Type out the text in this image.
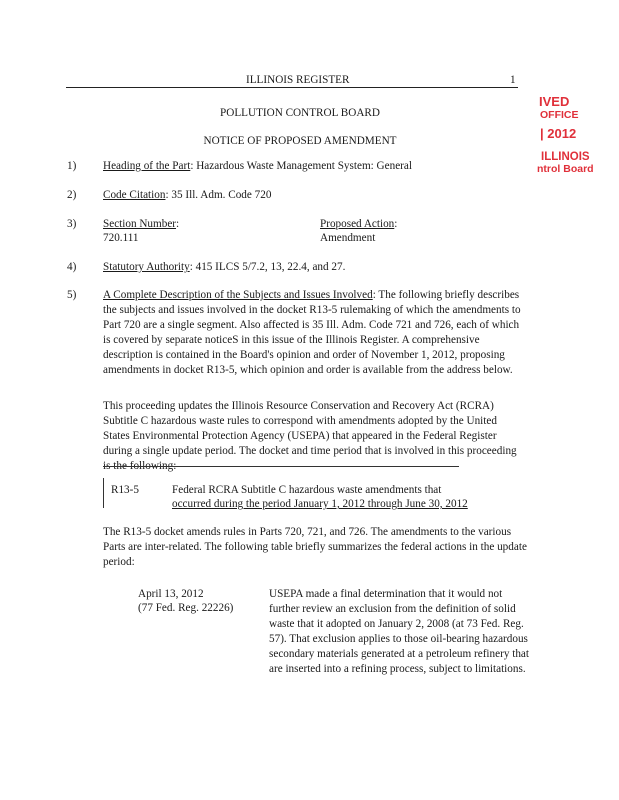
ILLINOIS REGISTER	1
POLLUTION CONTROL BOARD
NOTICE OF PROPOSED AMENDMENT
IVED
OFFICE
| 2012
ILLINOIS
ntrol Board
1) Heading of the Part: Hazardous Waste Management System: General
2) Code Citation: 35 Ill. Adm. Code 720
3) Section Number:
720.111
Proposed Action:
Amendment
4) Statutory Authority: 415 ILCS 5/7.2, 13, 22.4, and 27.
5) A Complete Description of the Subjects and Issues Involved: The following briefly describes the subjects and issues involved in the docket R13-5 rulemaking of which the amendments to Part 720 are a single segment. Also affected is 35 Ill. Adm. Code 721 and 726, each of which is covered by separate noticeS in this issue of the Illinois Register. A comprehensive description is contained in the Board's opinion and order of November 1, 2012, proposing amendments in docket R13-5, which opinion and order is available from the address below.
This proceeding updates the Illinois Resource Conservation and Recovery Act (RCRA) Subtitle C hazardous waste rules to correspond with amendments adopted by the United States Environmental Protection Agency (USEPA) that appeared in the Federal Register during a single update period. The docket and time period that is involved in this proceeding is the following:
R13-5	Federal RCRA Subtitle C hazardous waste amendments that
occurred during the period January 1, 2012 through June 30, 2012
The R13-5 docket amends rules in Parts 720, 721, and 726. The amendments to the various Parts are inter-related. The following table briefly summarizes the federal actions in the update period:
April 13, 2012
(77 Fed. Reg. 22226)
USEPA made a final determination that it would not further review an exclusion from the definition of solid waste that it adopted on January 2, 2008 (at 73 Fed. Reg. 57). That exclusion applies to those oil-bearing hazardous secondary materials generated at a petroleum refinery that are inserted into a refining process, subject to limitations.
